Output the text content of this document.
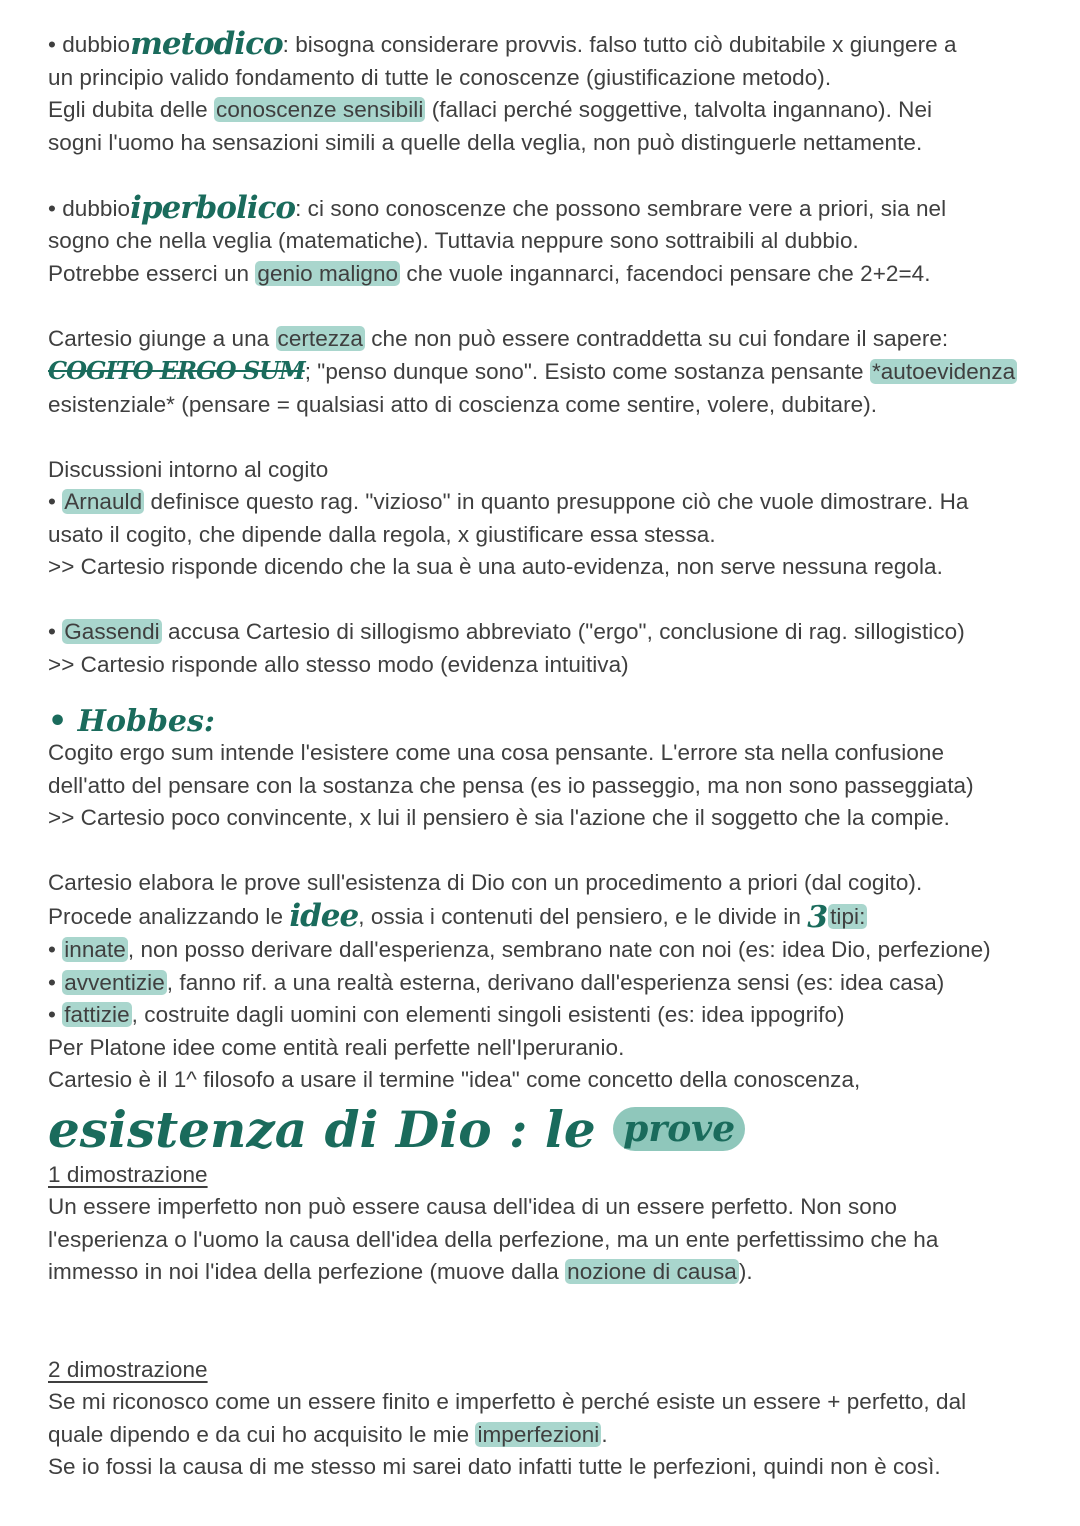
• dubbiometodico: bisogna considerare provvis. falso tutto ciò dubitabile x giungere a
un principio valido fondamento di tutte le conoscenze (giustificazione metodo).
Egli dubita delle conoscenze sensibili (fallaci perché soggettive, talvolta ingannano). Nei
sogni l'uomo ha sensazioni simili a quelle della veglia, non può distinguerle nettamente.
• dubbioiperbolico: ci sono conoscenze che possono sembrare vere a priori, sia nel
sogno che nella veglia (matematiche). Tuttavia neppure sono sottraibili al dubbio.
Potrebbe esserci un genio maligno che vuole ingannarci, facendoci pensare che 2+2=4.
Cartesio giunge a una certezza che non può essere contraddetta su cui fondare il sapere:
COGITO ERGO SUM; "penso dunque sono". Esisto come sostanza pensante *autoevidenza
esistenziale* (pensare = qualsiasi atto di coscienza come sentire, volere, dubitare).
Discussioni intorno al cogito
• Arnauld definisce questo rag. "vizioso" in quanto presuppone ciò che vuole dimostrare. Ha
usato il cogito, che dipende dalla regola, x giustificare essa stessa.
>> Cartesio risponde dicendo che la sua è una auto-evidenza, non serve nessuna regola.
• Gassendi accusa Cartesio di sillogismo abbreviato ("ergo", conclusione di rag. sillogistico)
>> Cartesio risponde allo stesso modo (evidenza intuitiva)
• Hobbes:
Cogito ergo sum intende l'esistere come una cosa pensante. L'errore sta nella confusione
dell'atto del pensare con la sostanza che pensa (es io passeggio, ma non sono passeggiata)
>> Cartesio poco convincente, x lui il pensiero è sia l'azione che il soggetto che la compie.
Cartesio elabora le prove sull'esistenza di Dio con un procedimento a priori (dal cogito).
Procede analizzando le idee, ossia i contenuti del pensiero, e le divide in 3tipi:
• innate, non posso derivare dall'esperienza, sembrano nate con noi (es: idea Dio, perfezione)
• avventizie, fanno rif. a una realtà esterna, derivano dall'esperienza sensi (es: idea casa)
• fattizie, costruite dagli uomini con elementi singoli esistenti (es: idea ippogrifo)
Per Platone idee come entità reali perfette nell'Iperuranio.
Cartesio è il 1^ filosofo a usare il termine "idea" come concetto della conoscenza,
esistenza di Dio : le prove
1 dimostrazione
Un essere imperfetto non può essere causa dell'idea di un essere perfetto. Non sono
l'esperienza o l'uomo la causa dell'idea della perfezione, ma un ente perfettissimo che ha
immesso in noi l'idea della perfezione (muove dalla nozione di causa).
2 dimostrazione
Se mi riconosco come un essere finito e imperfetto è perché esiste un essere + perfetto, dal
quale dipendo e da cui ho acquisito le mie imperfezioni.
Se io fossi la causa di me stesso mi sarei dato infatti tutte le perfezioni, quindi non è così.
